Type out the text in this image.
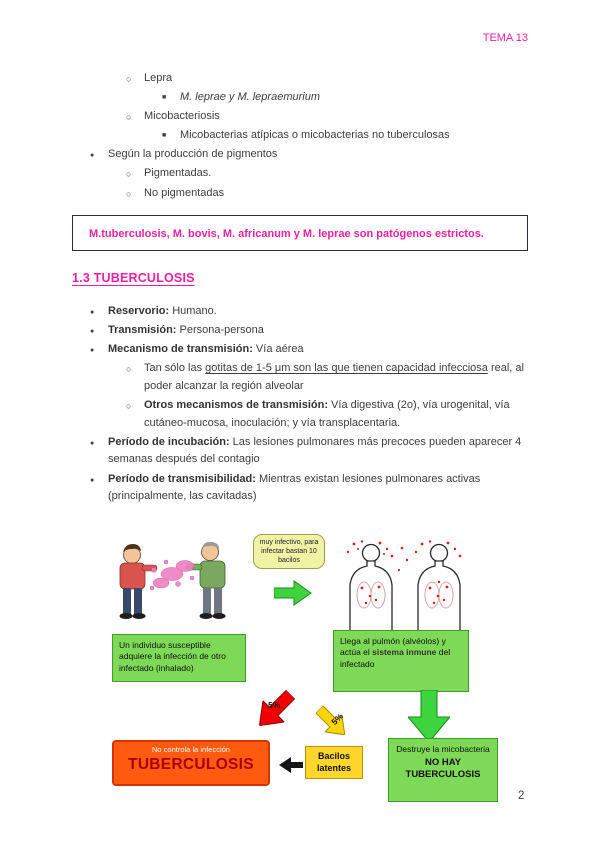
TEMA 13
○ Lepra
■ M. leprae y M. lepraemurium
○ Micobacteriosis
■ Micobacterias atípicas o micobacterias no tuberculosas
● Según la producción de pigmentos
○ Pigmentadas.
○ No pigmentadas
M.tuberculosis, M. bovis, M. africanum y M. leprae son patógenos estrictos.
1.3 TUBERCULOSIS
● Reservorio: Humano.
● Transmisión: Persona-persona
● Mecanismo de transmisión: Vía aérea
○ Tan sólo las gotitas de 1-5 μm son las que tienen capacidad infecciosa real, al poder alcanzar la región alveolar
○ Otros mecanismos de transmisión: Vía digestiva (2o), vía urogenital, vía cutáneo-mucosa, inoculación; y vía transplacentaria.
● Período de incubación: Las lesiones pulmonares más precoces pueden aparecer 4 semanas después del contagio
● Período de transmisibilidad: Mientras existan lesiones pulmonares activas (principalmente, las cavitadas)
muy infectivo, para infectar bastan 10 bacilos
Un individuo susceptible adquiere la infección de otro infectado (inhalado)
Llega al pulmón (alvéolos) y actúa el sistema inmune del infectado
5%
5%
No controla la infección
TUBERCULOSIS	Bacilos latentes
Destruye la micobacteria
NO HAY TUBERCULOSIS
2
